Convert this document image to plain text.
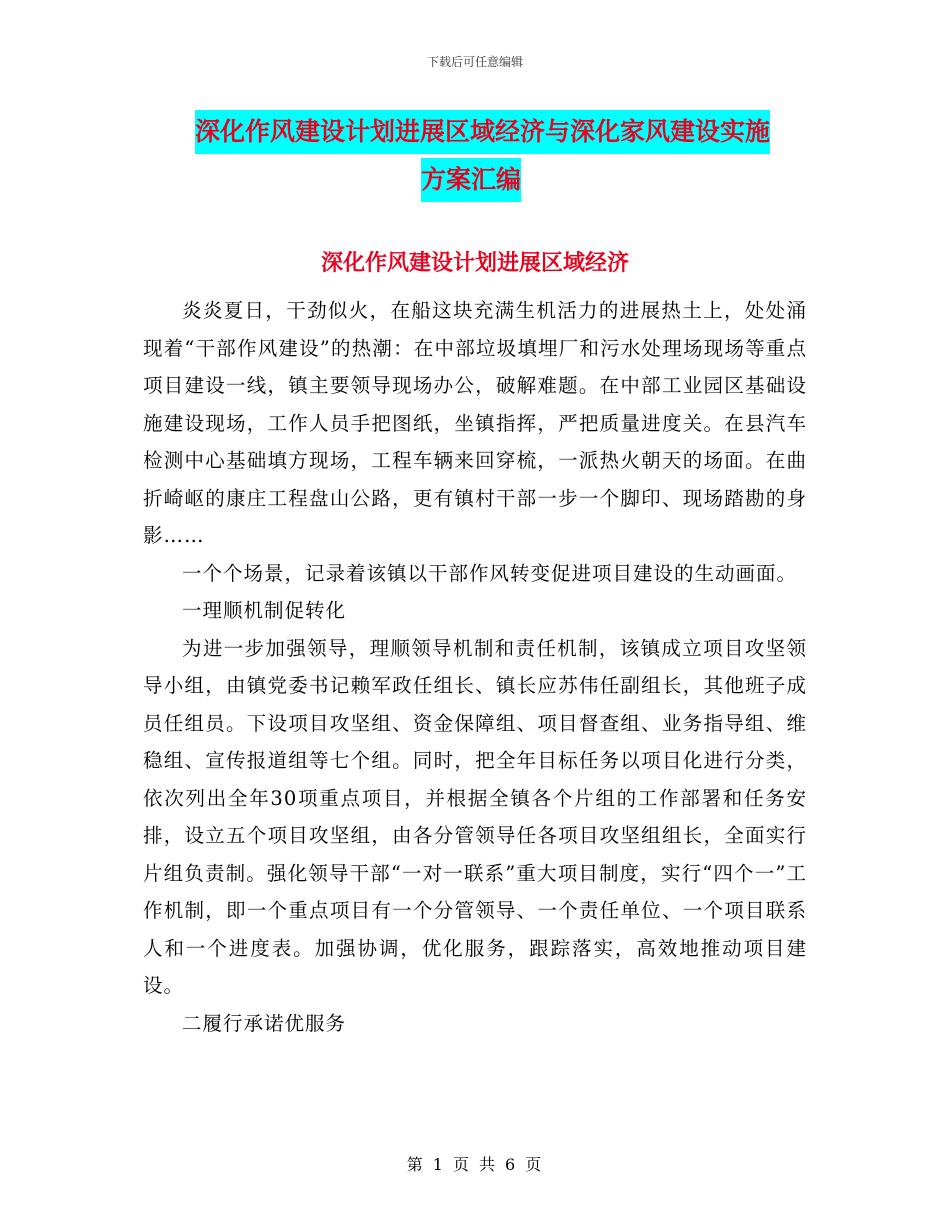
下载后可任意编辑
深化作风建设计划进展区域经济与深化家风建设实施
方案汇编
深化作风建设计划进展区域经济

炎炎夏日，干劲似火，在船这块充满生机活力的进展热土上，处处涌现着“干部作风建设”的热潮：在中部垃圾填埋厂和污水处理场现场等重点项目建设一线，镇主要领导现场办公，破解难题。在中部工业园区基础设施建设现场，工作人员手把图纸，坐镇指挥，严把质量进度关。在县汽车检测中心基础填方现场，工程车辆来回穿梳，一派热火朝天的场面。在曲折崎岖的康庄工程盘山公路，更有镇村干部一步一个脚印、现场踏勘的身影……

一个个场景，记录着该镇以干部作风转变促进项目建设的生动画面。

一理顺机制促转化

为进一步加强领导，理顺领导机制和责任机制，该镇成立项目攻坚领导小组，由镇党委书记赖军政任组长、镇长应苏伟任副组长，其他班子成员任组员。下设项目攻坚组、资金保障组、项目督查组、业务指导组、维稳组、宣传报道组等七个组。同时，把全年目标任务以项目化进行分类，依次列出全年30项重点项目，并根据全镇各个片组的工作部署和任务安排，设立五个项目攻坚组，由各分管领导任各项目攻坚组组长，全面实行片组负责制。强化领导干部“一对一联系”重大项目制度，实行“四个一”工作机制，即一个重点项目有一个分管领导、一个责任单位、一个项目联系人和一个进度表。加强协调，优化服务，跟踪落实，高效地推动项目建设。

二履行承诺优服务

第 1 页 共 6 页
